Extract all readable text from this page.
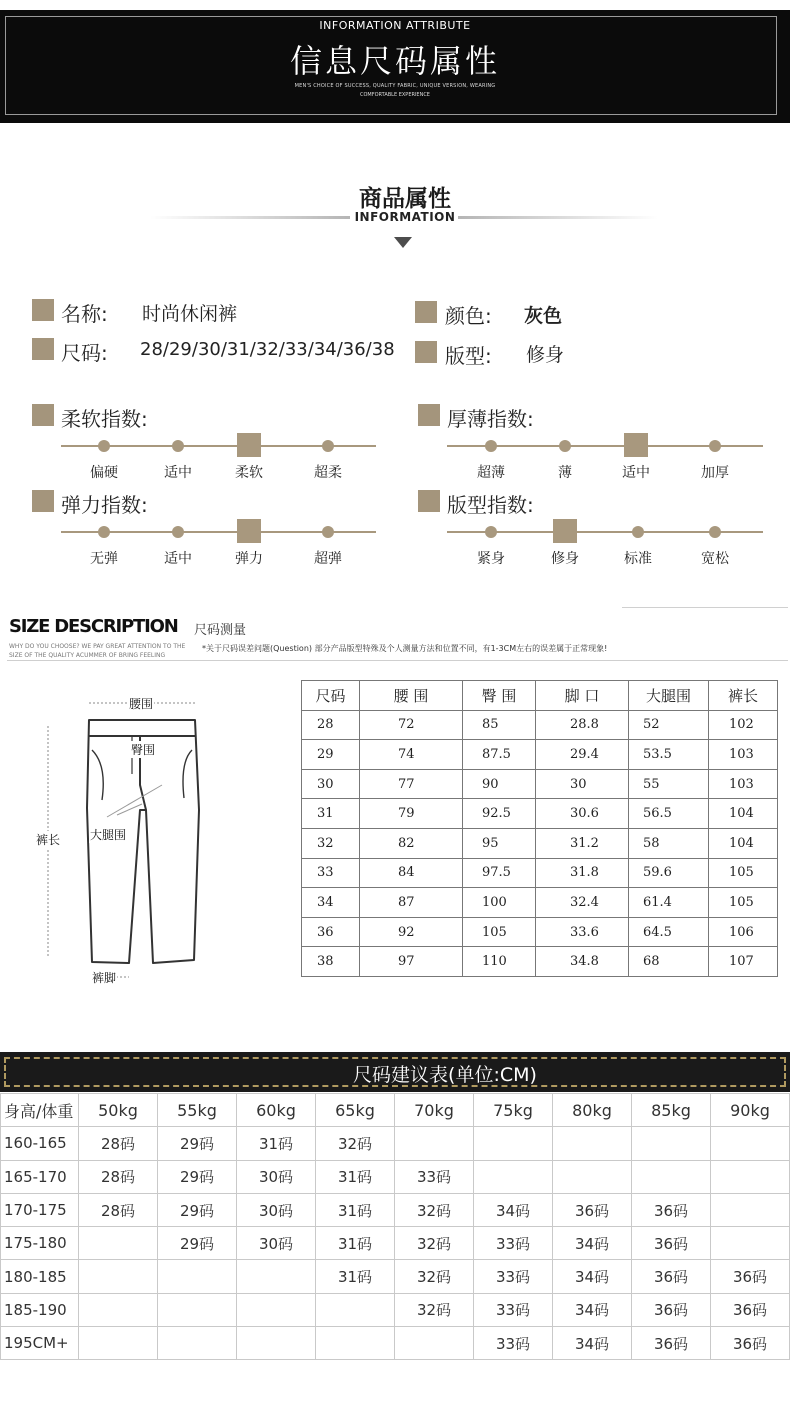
INFORMATION ATTRIBUTE
信息尺码属性
MEN'S CHOICE OF SUCCESS, QUALITY FABRIC, UNIQUE VERSION, WEARING
COMFORTABLE EXPERIENCE
商品属性
INFORMATION
名称: 时尚休闲裤	颜色: 灰色
尺码: 28/29/30/31/32/33/34/36/38	版型: 修身
柔软指数:
偏硬	适中	柔软	超柔
厚薄指数:
超薄	薄	适中	加厚
弹力指数:
无弹	适中	弹力	超弹
版型指数:
紧身	修身	标准	宽松
SIZE DESCRIPTION 尺码测量
WHY DO YOU CHOOSE? WE PAY GREAT ATTENTION TO THE
SIZE OF THE QUALITY ACUMMER OF BRING FEELING
*关于尺码误差问题(Question) 部分产品版型特殊及个人测量方法和位置不同，有1-3CM左右的误差属于正常现象!
腰围
臀围
裤长 大腿围
裤脚
尺码	腰 围	臀 围	脚 口	大腿围	裤长
28	72	85	28.8	52	102
29	74	87.5	29.4	53.5	103
30	77	90	30	55	103
31	79	92.5	30.6	56.5	104
32	82	95	31.2	58	104
33	84	97.5	31.8	59.6	105
34	87	100	32.4	61.4	105
36	92	105	33.6	64.5	106
38	97	110	34.8	68	107
尺码建议表(单位:CM)
身高/体重	50kg	55kg	60kg	65kg	70kg	75kg	80kg	85kg	90kg
160-165	28码	29码	31码	32码					
165-170	28码	29码	30码	31码	33码				
170-175	28码	29码	30码	31码	32码	34码	36码	36码	
175-180		29码	30码	31码	32码	33码	34码	36码	
180-185				31码	32码	33码	34码	36码	36码
185-190					32码	33码	34码	36码	36码
195CM+						33码	34码	36码	36码
